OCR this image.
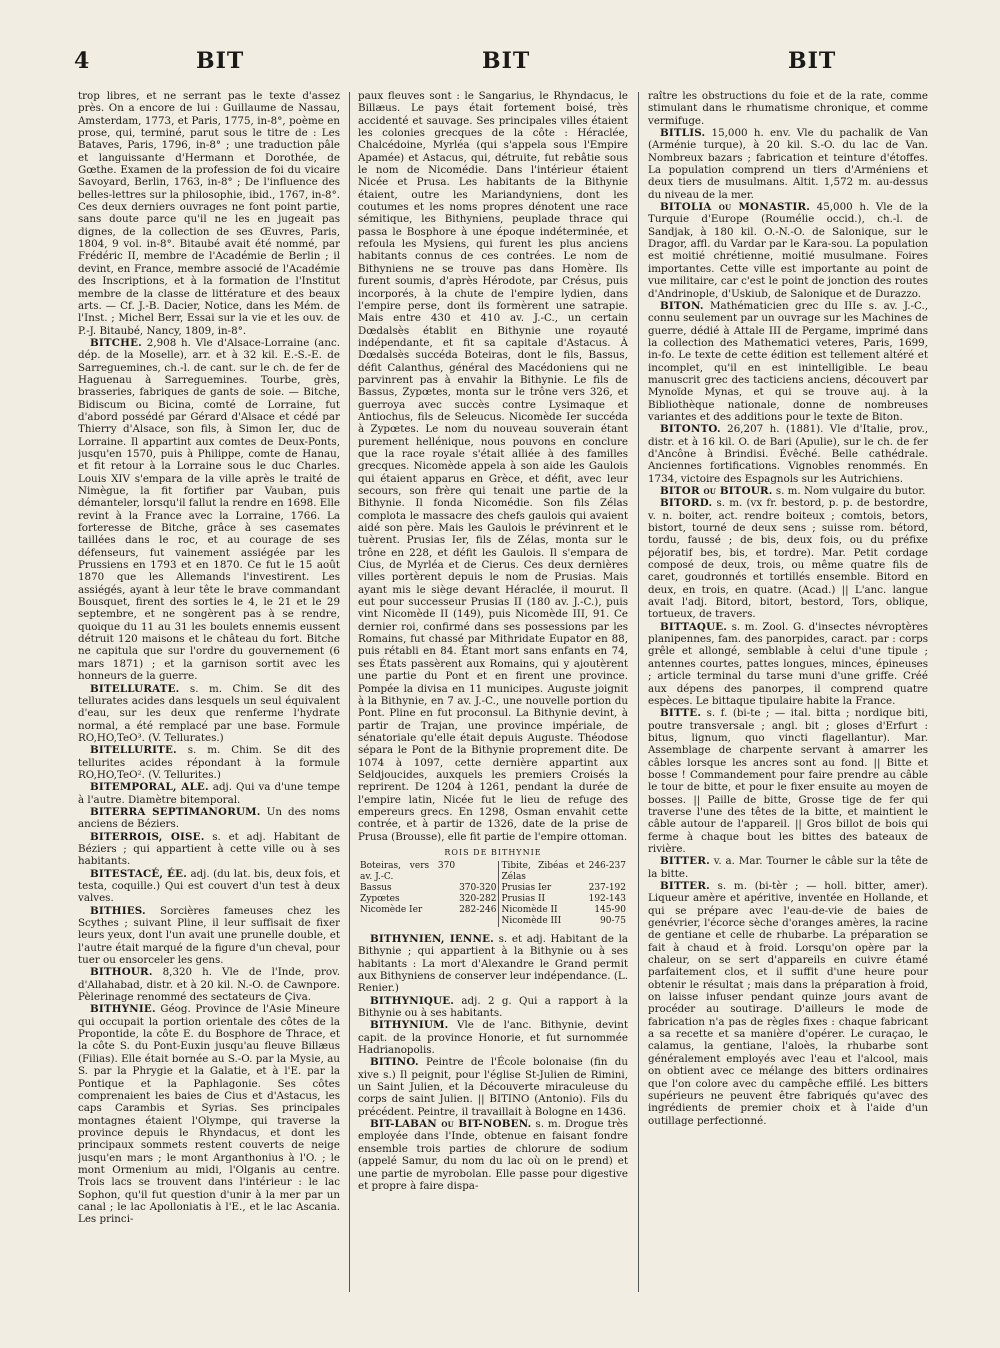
4	BIT	BIT	BIT

trop libres, et ne serrant pas le texte d'assez près. On a encore de lui : Guillaume de Nassau, Amsterdam, 1773, et Paris, 1775, in-8°, poème en prose, qui, terminé, parut sous le titre de : Les Bataves, Paris, 1796, in-8° ; une traduction pâle et languissante d'Hermann et Dorothée, de Gœthe. Examen de la profession de foi du vicaire Savoyard, Berlin, 1763, in-8° ; De l'influence des belles-lettres sur la philosophie, ibid., 1767, in-8°. Ces deux derniers ouvrages ne font point partie, sans doute parce qu'il ne les en jugeait pas dignes, de la collection de ses Œuvres, Paris, 1804, 9 vol. in-8°. Bitaubé avait été nommé, par Frédéric II, membre de l'Académie de Berlin ; il devint, en France, membre associé de l'Académie des Inscriptions, et à la formation de l'Institut membre de la classe de littérature et des beaux arts. — Cf. J.-B. Dacier, Notice, dans les Mém. de l'Inst. ; Michel Berr, Essai sur la vie et les ouv. de P.-J. Bitaubé, Nancy, 1809, in-8°.

BITCHE. 2,908 h. Vle d'Alsace-Lorraine (anc. dép. de la Moselle), arr. et à 32 kil. E.-S.-E. de Sarreguemines, ch.-l. de cant. sur le ch. de fer de Haguenau à Sarreguemines. Tourbe, grès, brasseries, fabriques de gants de soie. — Bitche, Bidiscum ou Bicina, comté de Lorraine, fut d'abord possédé par Gérard d'Alsace et cédé par Thierry d'Alsace, son fils, à Simon Ier, duc de Lorraine. Il appartint aux comtes de Deux-Ponts, jusqu'en 1570, puis à Philippe, comte de Hanau, et fit retour à la Lorraine sous le duc Charles. Louis XIV s'empara de la ville après le traité de Nimègue, la fit fortifier par Vauban, puis démanteler, lorsqu'il fallut la rendre en 1698. Elle revint à la France avec la Lorraine, 1766. La forteresse de Bitche, grâce à ses casemates taillées dans le roc, et au courage de ses défenseurs, fut vainement assiégée par les Prussiens en 1793 et en 1870. Ce fut le 15 août 1870 que les Allemands l'investirent. Les assiégés, ayant à leur tête le brave commandant Bousquet, firent des sorties le 4, le 21 et le 29 septembre, et ne songèrent pas à se rendre, quoique du 11 au 31 les boulets ennemis eussent détruit 120 maisons et le château du fort. Bitche ne capitula que sur l'ordre du gouvernement (6 mars 1871) ; et la garnison sortit avec les honneurs de la guerre.

BITELLURATE. s. m. Chim. Se dit des tellurates acides dans lesquels un seul équivalent d'eau, sur les deux que renferme l'hydrate normal, a été remplacé par une base. Formule RO,HO,TeO³. (V. Tellurates.)

BITELLURITE. s. m. Chim. Se dit des tellurites acides répondant à la formule RO,HO,TeO². (V. Tellurites.)

BITEMPORAL, ALE. adj. Qui va d'une tempe à l'autre. Diamètre bitemporal.

BITERRA SEPTIMANORUM. Un des noms anciens de Béziers.

BITERROIS, OISE. s. et adj. Habitant de Béziers ; qui appartient à cette ville ou à ses habitants.

BITESTACÉ, ÉE. adj. (du lat. bis, deux fois, et testa, coquille.) Qui est couvert d'un test à deux valves.

BITHIES. Sorcières fameuses chez les Scythes ; suivant Pline, il leur suffisait de fixer leurs yeux, dont l'un avait une prunelle double, et l'autre était marqué de la figure d'un cheval, pour tuer ou ensorceler les gens.

BITHOUR. 8,320 h. Vle de l'Inde, prov. d'Allahabad, distr. et à 20 kil. N.-O. de Cawnpore. Pèlerinage renommé des sectateurs de Çiva.

BITHYNIE. Géog. Province de l'Asie Mineure qui occupait la portion orientale des côtes de la Propontide, la côte E. du Bosphore de Thrace, et la côte S. du Pont-Euxin jusqu'au fleuve Billæus (Filias). Elle était bornée au S.-O. par la Mysie, au S. par la Phrygie et la Galatie, et à l'E. par la Pontique et la Paphlagonie. Ses côtes comprenaient les baies de Cius et d'Astacus, les caps Carambis et Syrias. Ses principales montagnes étaient l'Olympe, qui traverse la province depuis le Rhyndacus, et dont les principaux sommets restent couverts de neige jusqu'en mars ; le mont Arganthonius à l'O. ; le mont Ormenium au midi, l'Olganis au centre. Trois lacs se trouvent dans l'intérieur : le lac Sophon, qu'il fut question d'unir à la mer par un canal ; le lac Apolloniatis à l'E., et le lac Ascania. Les princi-

paux fleuves sont : le Sangarius, le Rhyndacus, le Billæus. Le pays était fortement boisé, très accidenté et sauvage. Ses principales villes étaient les colonies grecques de la côte : Héraclée, Chalcédoine, Myrléa (qui s'appela sous l'Empire Apamée) et Astacus, qui, détruite, fut rebâtie sous le nom de Nicomédie. Dans l'intérieur étaient Nicée et Prusa. Les habitants de la Bithynie étaient, outre les Mariandyniens, dont les coutumes et les noms propres dénotent une race sémitique, les Bithyniens, peuplade thrace qui passa le Bosphore à une époque indéterminée, et refoula les Mysiens, qui furent les plus anciens habitants connus de ces contrées. Le nom de Bithyniens ne se trouve pas dans Homère. Ils furent soumis, d'après Hérodote, par Crésus, puis incorporés, à la chute de l'empire lydien, dans l'empire perse, dont ils formèrent une satrapie. Mais entre 430 et 410 av. J.-C., un certain Dœdalsès établit en Bithynie une royauté indépendante, et fit sa capitale d'Astacus. À Dœdalsès succéda Boteiras, dont le fils, Bassus, défit Calanthus, général des Macédoniens qui ne parvinrent pas à envahir la Bithynie. Le fils de Bassus, Zypœtes, monta sur le trône vers 326, et guerroya avec succès contre Lysimaque et Antiochus, fils de Seleucus. Nicomède Ier succéda à Zypœtes. Le nom du nouveau souverain étant purement hellénique, nous pouvons en conclure que la race royale s'était alliée à des familles grecques. Nicomède appela à son aide les Gaulois qui étaient apparus en Grèce, et défit, avec leur secours, son frère qui tenait une partie de la Bithynie. Il fonda Nicomédie. Son fils Zélas complota le massacre des chefs gaulois qui avaient aidé son père. Mais les Gaulois le prévinrent et le tuèrent. Prusias Ier, fils de Zélas, monta sur le trône en 228, et défit les Gaulois. Il s'empara de Cius, de Myrléa et de Cierus. Ces deux dernières villes portèrent depuis le nom de Prusias. Mais ayant mis le siège devant Héraclée, il mourut. Il eut pour successeur Prusias II (180 av. J.-C.), puis vint Nicomède II (149), puis Nicomède III, 91. Ce dernier roi, confirmé dans ses possessions par les Romains, fut chassé par Mithridate Eupator en 88, puis rétabli en 84. Étant mort sans enfants en 74, ses États passèrent aux Romains, qui y ajoutèrent une partie du Pont et en firent une province. Pompée la divisa en 11 municipes. Auguste joignit à la Bithynie, en 7 av. J.-C., une nouvelle portion du Pont. Pline en fut proconsul. La Bithynie devint, à partir de Trajan, une province impériale, de sénatoriale qu'elle était depuis Auguste. Théodose sépara le Pont de la Bithynie proprement dite. De 1074 à 1097, cette dernière appartint aux Seldjoucides, auxquels les premiers Croisés la reprirent. De 1204 à 1261, pendant la durée de l'empire latin, Nicée fut le lieu de refuge des empereurs grecs. En 1298, Osman envahit cette contrée, et à partir de 1326, date de la prise de Prusa (Brousse), elle fit partie de l'empire ottoman.

ROIS DE BITHYNIE
Boteiras, vers 370 av. J.-C.		Tibite, Zibéas et Zélas	246-237
Bassus	370-320	Prusias Ier	237-192
Zypœtes	320-282	Prusias II	192-143
Nicomède Ier	282-246	Nicomède II	145-90
		Nicomède III	90-75

BITHYNIEN, IENNE. s. et adj. Habitant de la Bithynie ; qui appartient à la Bithynie ou à ses habitants : La mort d'Alexandre le Grand permit aux Bithyniens de conserver leur indépendance. (L. Renier.)

BITHYNIQUE. adj. 2 g. Qui a rapport à la Bithynie ou à ses habitants.

BITHYNIUM. Vle de l'anc. Bithynie, devint capit. de la province Honorie, et fut surnommée Hadrianopolis.

BITINO. Peintre de l'École bolonaise (fin du xive s.) Il peignit, pour l'église St-Julien de Rimini, un Saint Julien, et la Découverte miraculeuse du corps de saint Julien. || BITINO (Antonio). Fils du précédent. Peintre, il travaillait à Bologne en 1436.

BIT-LABAN ou BIT-NOBEN. s. m. Drogue très employée dans l'Inde, obtenue en faisant fondre ensemble trois parties de chlorure de sodium (appelé Samur, du nom du lac où on le prend) et une partie de myrobolan. Elle passe pour digestive et propre à faire dispa-

raître les obstructions du foie et de la rate, comme stimulant dans le rhumatisme chronique, et comme vermifuge.

BITLIS. 15,000 h. env. Vle du pachalik de Van (Arménie turque), à 20 kil. S.-O. du lac de Van. Nombreux bazars ; fabrication et teinture d'étoffes. La population comprend un tiers d'Arméniens et deux tiers de musulmans. Altit. 1,572 m. au-dessus du niveau de la mer.

BITOLIA ou MONASTIR. 45,000 h. Vle de la Turquie d'Europe (Roumélie occid.), ch.-l. de Sandjak, à 180 kil. O.-N.-O. de Salonique, sur le Dragor, affl. du Vardar par le Kara-sou. La population est moitié chrétienne, moitié musulmane. Foires importantes. Cette ville est importante au point de vue militaire, car c'est le point de jonction des routes d'Andrinople, d'Uskiub, de Salonique et de Durazzo.

BITON. Mathématicien grec du IIIe s. av. J.-C., connu seulement par un ouvrage sur les Machines de guerre, dédié à Attale III de Pergame, imprimé dans la collection des Mathematici veteres, Paris, 1699, in-fo. Le texte de cette édition est tellement altéré et incomplet, qu'il en est inintelligible. Le beau manuscrit grec des tacticiens anciens, découvert par Mynoïde Mynas, et qui se trouve auj. à la Bibliothèque nationale, donne de nombreuses variantes et des additions pour le texte de Biton.

BITONTO. 26,207 h. (1881). Vle d'Italie, prov., distr. et à 16 kil. O. de Bari (Apulie), sur le ch. de fer d'Ancône à Brindisi. Évêché. Belle cathédrale. Anciennes fortifications. Vignobles renommés. En 1734, victoire des Espagnols sur les Autrichiens.

BITOR ou BITOUR. s. m. Nom vulgaire du butor.

BITORD. s. m. (vx fr. bestord, p. p. de bestordre, v. n. boiter, act. rendre boiteux ; comtois, betors, bistort, tourné de deux sens ; suisse rom. bétord, tordu, faussé ; de bis, deux fois, ou du préfixe péjoratif bes, bis, et tordre). Mar. Petit cordage composé de deux, trois, ou même quatre fils de caret, goudronnés et tortillés ensemble. Bitord en deux, en trois, en quatre. (Acad.) || L'anc. langue avait l'adj. Bitord, bitort, bestord, Tors, oblique, tortueux, de travers.

BITTAQUE. s. m. Zool. G. d'insectes névroptères planipennes, fam. des panorpides, caract. par : corps grêle et allongé, semblable à celui d'une tipule ; antennes courtes, pattes longues, minces, épineuses ; article terminal du tarse muni d'une griffe. Créé aux dépens des panorpes, il comprend quatre espèces. Le bittaque tipulaire habite la France.

BITTE. s. f. (bi-te ; — ital. bitta ; nordique biti, poutre transversale ; angl. bit ; gloses d'Erfurt : bitus, lignum, quo vincti flagellantur). Mar. Assemblage de charpente servant à amarrer les câbles lorsque les ancres sont au fond. || Bitte et bosse ! Commandement pour faire prendre au câble le tour de bitte, et pour le fixer ensuite au moyen de bosses. || Paille de bitte, Grosse tige de fer qui traverse l'une des têtes de la bitte, et maintient le câble autour de l'appareil. || Gros billot de bois qui ferme à chaque bout les bittes des bateaux de rivière.

BITTER. v. a. Mar. Tourner le câble sur la tête de la bitte.

BITTER. s. m. (bi-tèr ; — holl. bitter, amer). Liqueur amère et apéritive, inventée en Hollande, et qui se prépare avec l'eau-de-vie de baies de genévrier, l'écorce sèche d'oranges amères, la racine de gentiane et celle de rhubarbe. La préparation se fait à chaud et à froid. Lorsqu'on opère par la chaleur, on se sert d'appareils en cuivre étamé parfaitement clos, et il suffit d'une heure pour obtenir le résultat ; mais dans la préparation à froid, on laisse infuser pendant quinze jours avant de procéder au soutirage. D'ailleurs le mode de fabrication n'a pas de règles fixes : chaque fabricant a sa recette et sa manière d'opérer. Le curaçao, le calamus, la gentiane, l'aloès, la rhubarbe sont généralement employés avec l'eau et l'alcool, mais on obtient avec ce mélange des bitters ordinaires que l'on colore avec du campêche effilé. Les bitters supérieurs ne peuvent être fabriqués qu'avec des ingrédients de premier choix et à l'aide d'un outillage perfectionné.
